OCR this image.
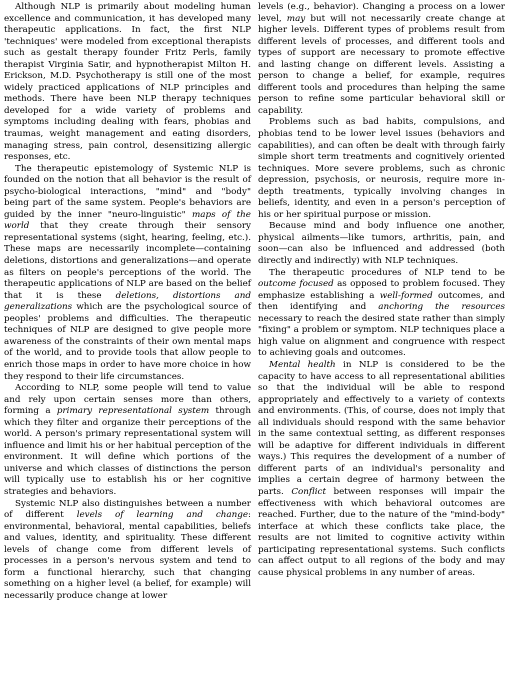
Although NLP is primarily about modeling human excellence and communication, it has developed many therapeutic applications. In fact, the first NLP 'techniques' were modeled from exceptional therapists such as gestalt therapy founder Fritz Perls, family therapist Virginia Satir, and hypnotherapist Milton H. Erickson, M.D. Psychotherapy is still one of the most widely practiced applications of NLP principles and methods. There have been NLP therapy techniques developed for a wide variety of problems and symptoms including dealing with fears, phobias and traumas, weight management and eating disorders, managing stress, pain control, desensitizing allergic responses, etc.

The therapeutic epistemology of Systemic NLP is founded on the notion that all behavior is the result of psycho-biological interactions, "mind" and "body" being part of the same system. People's behaviors are guided by the inner "neuro-linguistic" maps of the world that they create through their sensory representational systems (sight, hearing, feeling, etc.). These maps are necessarily incomplete—containing deletions, distortions and generalizations—and operate as filters on people's perceptions of the world. The therapeutic applications of NLP are based on the belief that it is these deletions, distortions and generalizations which are the psychological source of peoples' problems and difficulties. The therapeutic techniques of NLP are designed to give people more awareness of the constraints of their own mental maps of the world, and to provide tools that allow people to enrich those maps in order to have more choice in how they respond to their life circumstances.

According to NLP, some people will tend to value and rely upon certain senses more than others, forming a primary representational system through which they filter and organize their perceptions of the world. A person's primary representational system will influence and limit his or her habitual perception of the environment. It will define which portions of the universe and which classes of distinctions the person will typically use to establish his or her cognitive strategies and behaviors.

Systemic NLP also distinguishes between a number of different levels of learning and change: environmental, behavioral, mental capabilities, beliefs and values, identity, and spirituality. These different levels of change come from different levels of processes in a person's nervous system and tend to form a functional hierarchy, such that changing something on a higher level (a belief, for example) will necessarily produce change at lower

levels (e.g., behavior). Changing a process on a lower level, may but will not necessarily create change at higher levels. Different types of problems result from different levels of processes, and different tools and types of support are necessary to promote effective and lasting change on different levels. Assisting a person to change a belief, for example, requires different tools and procedures than helping the same person to refine some particular behavioral skill or capability.

Problems such as bad habits, compulsions, and phobias tend to be lower level issues (behaviors and capabilities), and can often be dealt with through fairly simple short term treatments and cognitively oriented techniques. More severe problems, such as chronic depression, psychosis, or neurosis, require more in-depth treatments, typically involving changes in beliefs, identity, and even in a person's perception of his or her spiritual purpose or mission.

Because mind and body influence one another, physical ailments—like tumors, arthritis, pain, and soon—can also be influenced and addressed (both directly and indirectly) with NLP techniques.

The therapeutic procedures of NLP tend to be outcome focused as opposed to problem focused. They emphasize establishing a well-formed outcomes, and then identifying and anchoring the resources necessary to reach the desired state rather than simply "fixing" a problem or symptom. NLP techniques place a high value on alignment and congruence with respect to achieving goals and outcomes.

Mental health in NLP is considered to be the capacity to have access to all representational abilities so that the individual will be able to respond appropriately and effectively to a variety of contexts and environments. (This, of course, does not imply that all individuals should respond with the same behavior in the same contextual setting, as different responses will be adaptive for different individuals in different ways.) This requires the development of a number of different parts of an individual's personality and implies a certain degree of harmony between the parts. Conflict between responses will impair the effectiveness with which behavioral outcomes are reached. Further, due to the nature of the "mind-body" interface at which these conflicts take place, the results are not limited to cognitive activity within participating representational systems. Such conflicts can affect output to all regions of the body and may cause physical problems in any number of areas.
